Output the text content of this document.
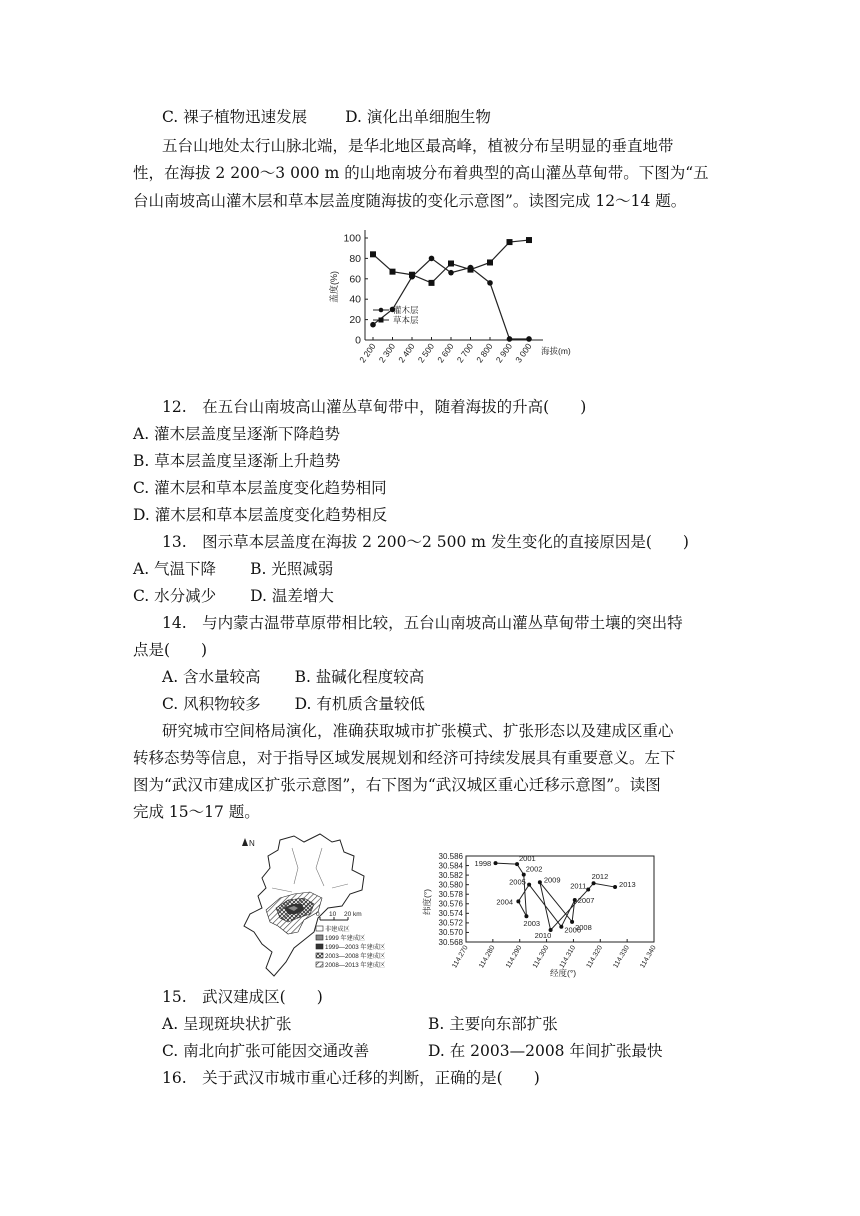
C. 裸子植物迅速发展 D. 演化出单细胞生物
五台山地处太行山脉北端，是华北地区最高峰，植被分布呈明显的垂直地带
性，在海拔 2 200～3 000 m 的山地南坡分布着典型的高山灌丛草甸带。下图为“五
台山南坡高山灌木层和草本层盖度随海拔的变化示意图”。读图完成 12～14 题。
0
20
40
60
80
100
2 200 2 300 2 400 2 500 2 600 2 700 2 800 2 900 3 000 海拔(m)
盖度(%)
灌木层
草本层
12.　在五台山南坡高山灌丛草甸带中，随着海拔的升高(　　)
A. 灌木层盖度呈逐渐下降趋势
B. 草本层盖度呈逐渐上升趋势
C. 灌木层和草本层盖度变化趋势相同
D. 灌木层和草本层盖度变化趋势相反
13.　图示草本层盖度在海拔 2 200～2 500 m 发生变化的直接原因是(　　)
A. 气温下降 B. 光照减弱
C. 水分减少 D. 温差增大
14.　与内蒙古温带草原带相比较，五台山南坡高山灌丛草甸带土壤的突出特
点是(　　)
A. 含水量较高 B. 盐碱化程度较高
C. 风积物较多 D. 有机质含量较低
研究城市空间格局演化，准确获取城市扩张模式、扩张形态以及建成区重心
转移态势等信息，对于指导区域发展规划和经济可持续发展具有重要意义。左下
图为“武汉市建成区扩张示意图”，右下图为“武汉城区重心迁移示意图”。读图
完成 15～17 题。
N
0 10 20 km
非建成区
1999 年建成区
1999—2003 年建成区
2003—2008 年建成区
2008—2013 年建成区
30.586
30.584
30.582
30.580
30.578
30.576
30.574
30.572
30.570
30.568
114.270 114.280 114.290 114.300 114.310 114.320 114.330 114.340
经度(°)
纬度(°)
1998
2001
2002
2003
2004
2005
2006
2007
2008
2009
2010
2011
2012
2013
15.　武汉建成区(　　)
A. 呈现斑块状扩张	B. 主要向东部扩张
C. 南北向扩张可能因交通改善	D. 在 2003—2008 年间扩张最快
16.　关于武汉市城市重心迁移的判断，正确的是(　　)
